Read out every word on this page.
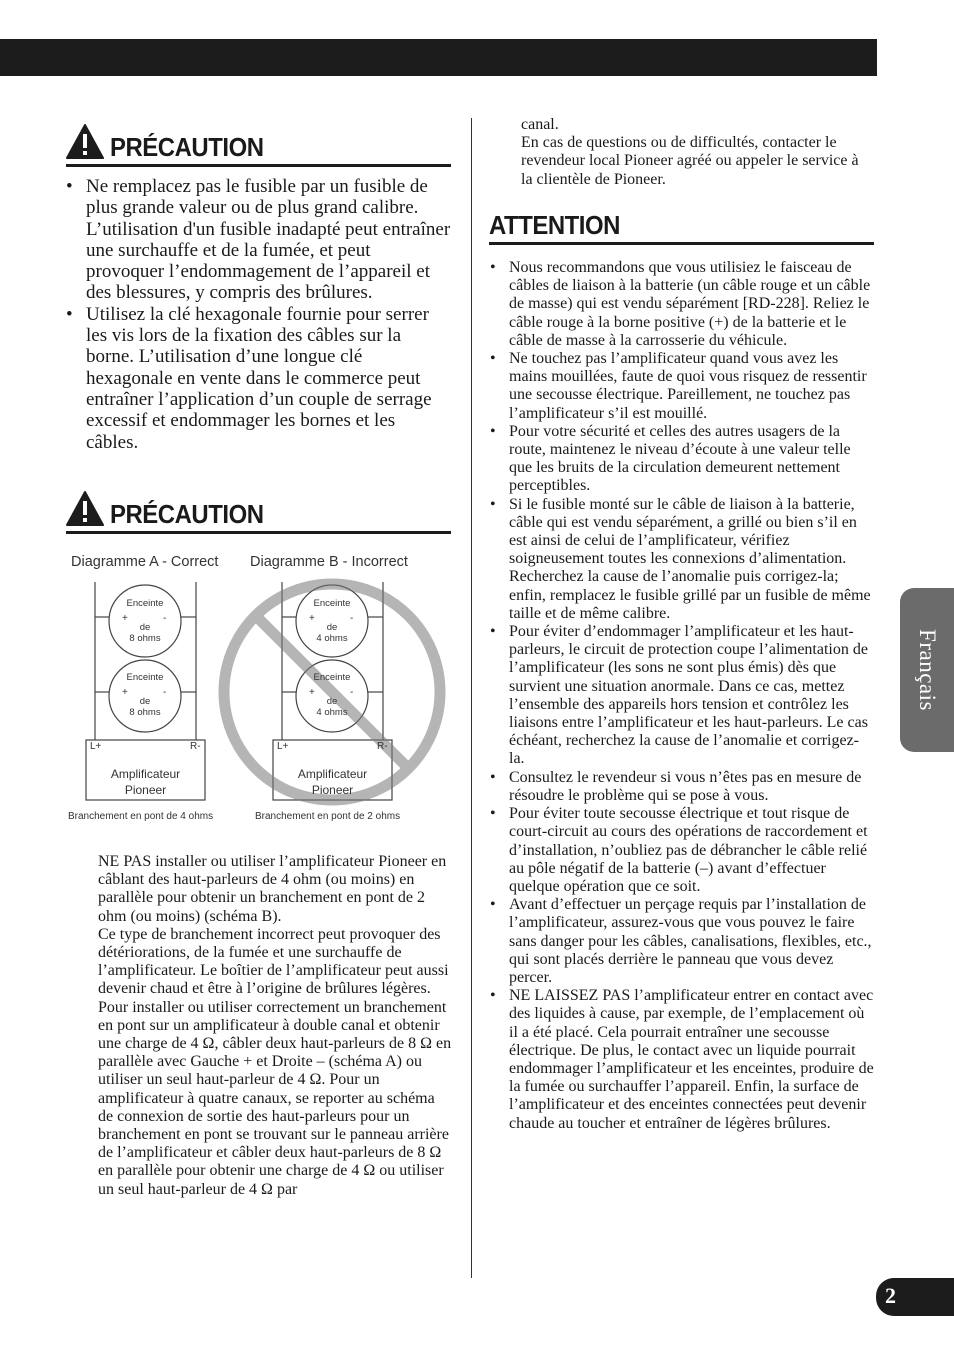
PRÉCAUTION
• Ne remplacez pas le fusible par un fusible de plus grande valeur ou de plus grand calibre. L’utilisation d'un fusible inadapté peut entraîner une surchauffe et de la fumée, et peut provoquer l’endommagement de l’appareil et des blessures, y compris des brûlures.
• Utilisez la clé hexagonale fournie pour serrer les vis lors de la fixation des câbles sur la borne. L’utilisation d’une longue clé hexagonale en vente dans le commerce peut entraîner l’application d’un couple de serrage excessif et endommager les bornes et les câbles.
PRÉCAUTION
Diagramme A - Correct Diagramme B - Incorrect
Enceinte
+	-
de
8 ohms
Enceinte
+	-
de
8 ohms
L+	R-
Amplificateur
Pioneer
Branchement en pont de 4 ohms
Enceinte
+	-
de
4 ohms
Enceinte
+	-
de
4 ohms
L+	R-
Amplificateur
Pioneer
Branchement en pont de 2 ohms
NE PAS installer ou utiliser l’amplificateur Pioneer en câblant des haut-parleurs de 4 ohm (ou moins) en parallèle pour obtenir un branchement en pont de 2 ohm (ou moins) (schéma B).
Ce type de branchement incorrect peut provoquer des détériorations, de la fumée et une surchauffe de l’amplificateur. Le boîtier de l’amplificateur peut aussi devenir chaud et être à l’origine de brûlures légères.
Pour installer ou utiliser correctement un branchement en pont sur un amplificateur à double canal et obtenir une charge de 4 Ω, câbler deux haut-parleurs de 8 Ω en parallèle avec Gauche + et Droite – (schéma A) ou utiliser un seul haut-parleur de 4 Ω. Pour un amplificateur à quatre canaux, se reporter au schéma de connexion de sortie des haut-parleurs pour un branchement en pont se trouvant sur le panneau arrière de l’amplificateur et câbler deux haut-parleurs de 8 Ω en parallèle pour obtenir une charge de 4 Ω ou utiliser un seul haut-parleur de 4 Ω par
canal.
En cas de questions ou de difficultés, contacter le revendeur local Pioneer agréé ou appeler le service à la clientèle de Pioneer.
ATTENTION
• Nous recommandons que vous utilisiez le faisceau de câbles de liaison à la batterie (un câble rouge et un câble de masse) qui est vendu séparément [RD-228]. Reliez le câble rouge à la borne positive (+) de la batterie et le câble de masse à la carrosserie du véhicule.
• Ne touchez pas l’amplificateur quand vous avez les mains mouillées, faute de quoi vous risquez de ressentir une secousse électrique. Pareillement, ne touchez pas l’amplificateur s’il est mouillé.
• Pour votre sécurité et celles des autres usagers de la route, maintenez le niveau d’écoute à une valeur telle que les bruits de la circulation demeurent nettement perceptibles.
• Si le fusible monté sur le câble de liaison à la batterie, câble qui est vendu séparément, a grillé ou bien s’il en est ainsi de celui de l’amplificateur, vérifiez soigneusement toutes les connexions d’alimentation. Recherchez la cause de l’anomalie puis corrigez-la; enfin, remplacez le fusible grillé par un fusible de même taille et de même calibre.
• Pour éviter d’endommager l’amplificateur et les haut-parleurs, le circuit de protection coupe l’alimentation de l’amplificateur (les sons ne sont plus émis) dès que survient une situation anormale. Dans ce cas, mettez l’ensemble des appareils hors tension et contrôlez les liaisons entre l’amplificateur et les haut-parleurs. Le cas échéant, recherchez la cause de l’anomalie et corrigez-la.
• Consultez le revendeur si vous n’êtes pas en mesure de résoudre le problème qui se pose à vous.
• Pour éviter toute secousse électrique et tout risque de court-circuit au cours des opérations de raccordement et d’installation, n’oubliez pas de débrancher le câble relié au pôle négatif de la batterie (–) avant d’effectuer quelque opération que ce soit.
• Avant d’effectuer un perçage requis par l’installation de l’amplificateur, assurez-vous que vous pouvez le faire sans danger pour les câbles, canalisations, flexibles, etc., qui sont placés derrière le panneau que vous devez percer.
• NE LAISSEZ PAS l’amplificateur entrer en contact avec des liquides à cause, par exemple, de l’emplacement où il a été placé. Cela pourrait entraîner une secousse électrique. De plus, le contact avec un liquide pourrait endommager l’amplificateur et les enceintes, produire de la fumée ou surchauffer l’appareil. Enfin, la surface de l’amplificateur et des enceintes connectées peut devenir chaude au toucher et entraîner de légères brûlures.
Français
2
